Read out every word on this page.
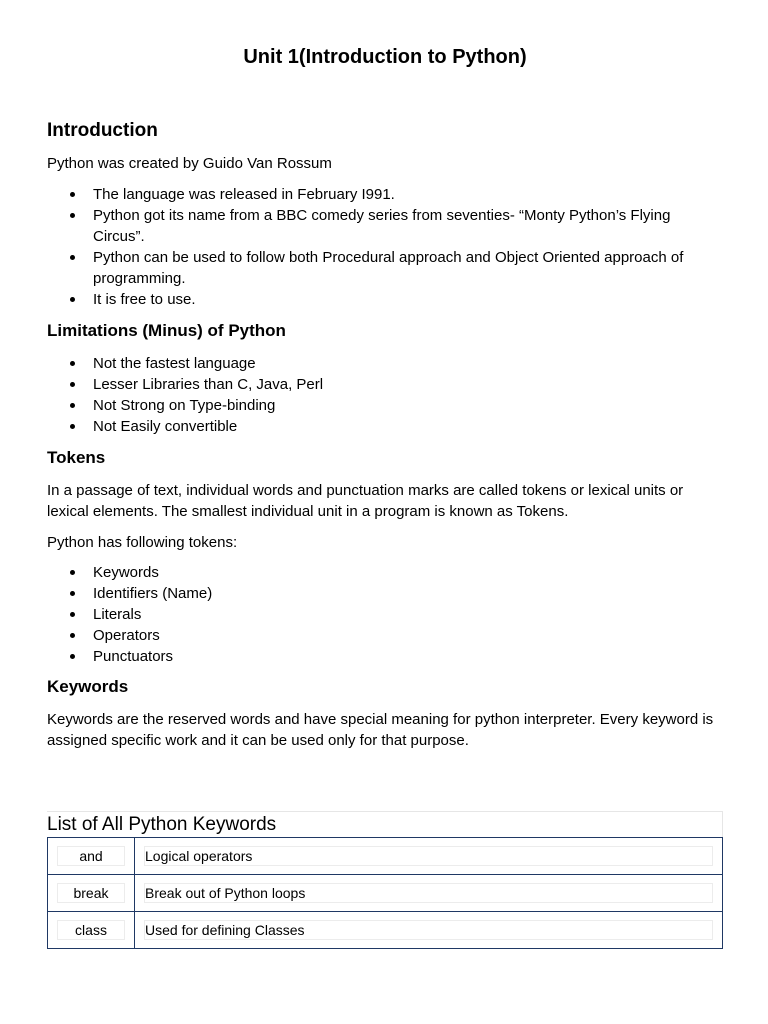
Unit 1(Introduction to Python)
Introduction

Python was created by Guido Van Rossum

The language was released in February I991.
Python got its name from a BBC comedy series from seventies- “Monty Python’s Flying Circus”.
Python can be used to follow both Procedural approach and Object Oriented approach of programming.
It is free to use.
Limitations (Minus) of Python
Not the fastest language
Lesser Libraries than C, Java, Perl
Not Strong on Type-binding
Not Easily convertible
Tokens

In a passage of text, individual words and punctuation marks are called tokens or lexical units or lexical elements. The smallest individual unit in a program is known as Tokens.

Python has following tokens:

Keywords
Identifiers (Name)
Literals
Operators
Punctuators
Keywords

Keywords are the reserved words and have special meaning for python interpreter. Every keyword is assigned specific work and it can be used only for that purpose.

List of All Python Keywords
and	Logical operators

break	Break out of Python loops

class	Used for defining Classes
